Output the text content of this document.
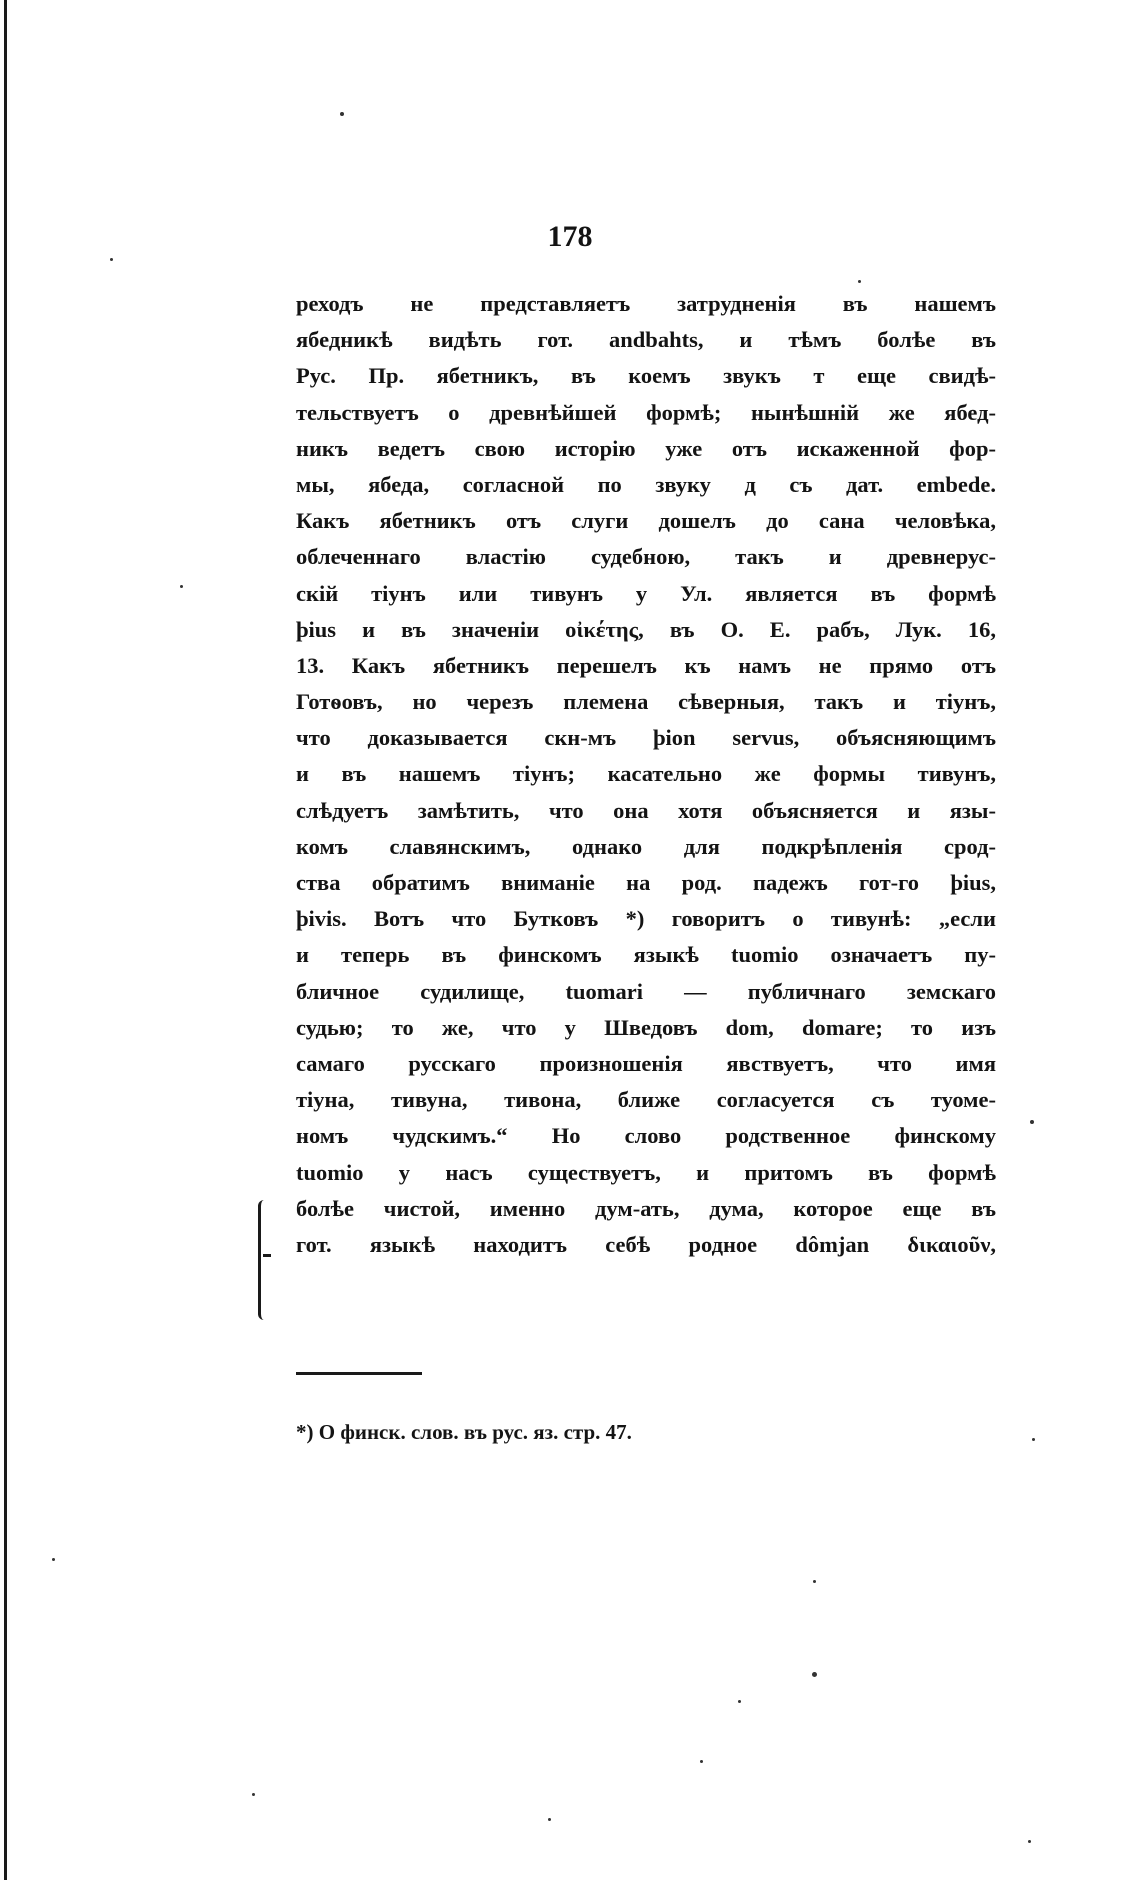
178
реходъ не представляетъ затрудненія въ нашемъ
ябедникѣ видѣть гот. andbahts, и тѣмъ болѣе въ
Рус. Пр. ябетникъ, въ коемъ звукъ т еще свидѣ-
тельствуетъ о древнѣйшей формѣ; нынѣшній же ябед-
никъ ведетъ свою исторію уже отъ искаженной фор-
мы, ябеда, согласной по звуку д съ дат. embede.
Какъ ябетникъ отъ слуги дошелъ до сана человѣка,
облеченнаго властію судебною, такъ и древнерус-
скій тіунъ или тивунъ у Ул. является въ формѣ
þius и въ значеніи οἰκέτης, въ О. Е. рабъ, Лук. 16,
13. Какъ ябетникъ перешелъ къ намъ не прямо отъ
Готѳовъ, но черезъ племена сѣверныя, такъ и тіунъ,
что доказывается скн-мъ þion servus, объясняющимъ
и въ нашемъ тіунъ; касательно же формы тивунъ,
слѣдуетъ замѣтить, что она хотя объясняется и язы-
комъ славянскимъ, однако для подкрѣпленія срод-
ства обратимъ вниманіе на род. падежъ гот-го þius,
þivis. Вотъ что Бутковъ *) говоритъ о тивунѣ: „если
и теперь въ финскомъ языкѣ tuomio означаетъ пу-
бличное судилище, tuomari — публичнаго земскаго
судью; то же, что у Шведовъ dom, domare; то изъ
самаго русскаго произношенія явствуетъ, что имя
тіуна, тивуна, тивона, ближе согласуется съ туоме-
номъ чудскимъ.“ Но слово родственное финскому
tuomio у насъ существуетъ, и притомъ въ формѣ
болѣе чистой, именно дум-ать, дума, которое еще въ
гот. языкѣ находитъ себѣ родное dômjan δικαιοῦν,
*) О финск. слов. въ рус. яз. стр. 47.
